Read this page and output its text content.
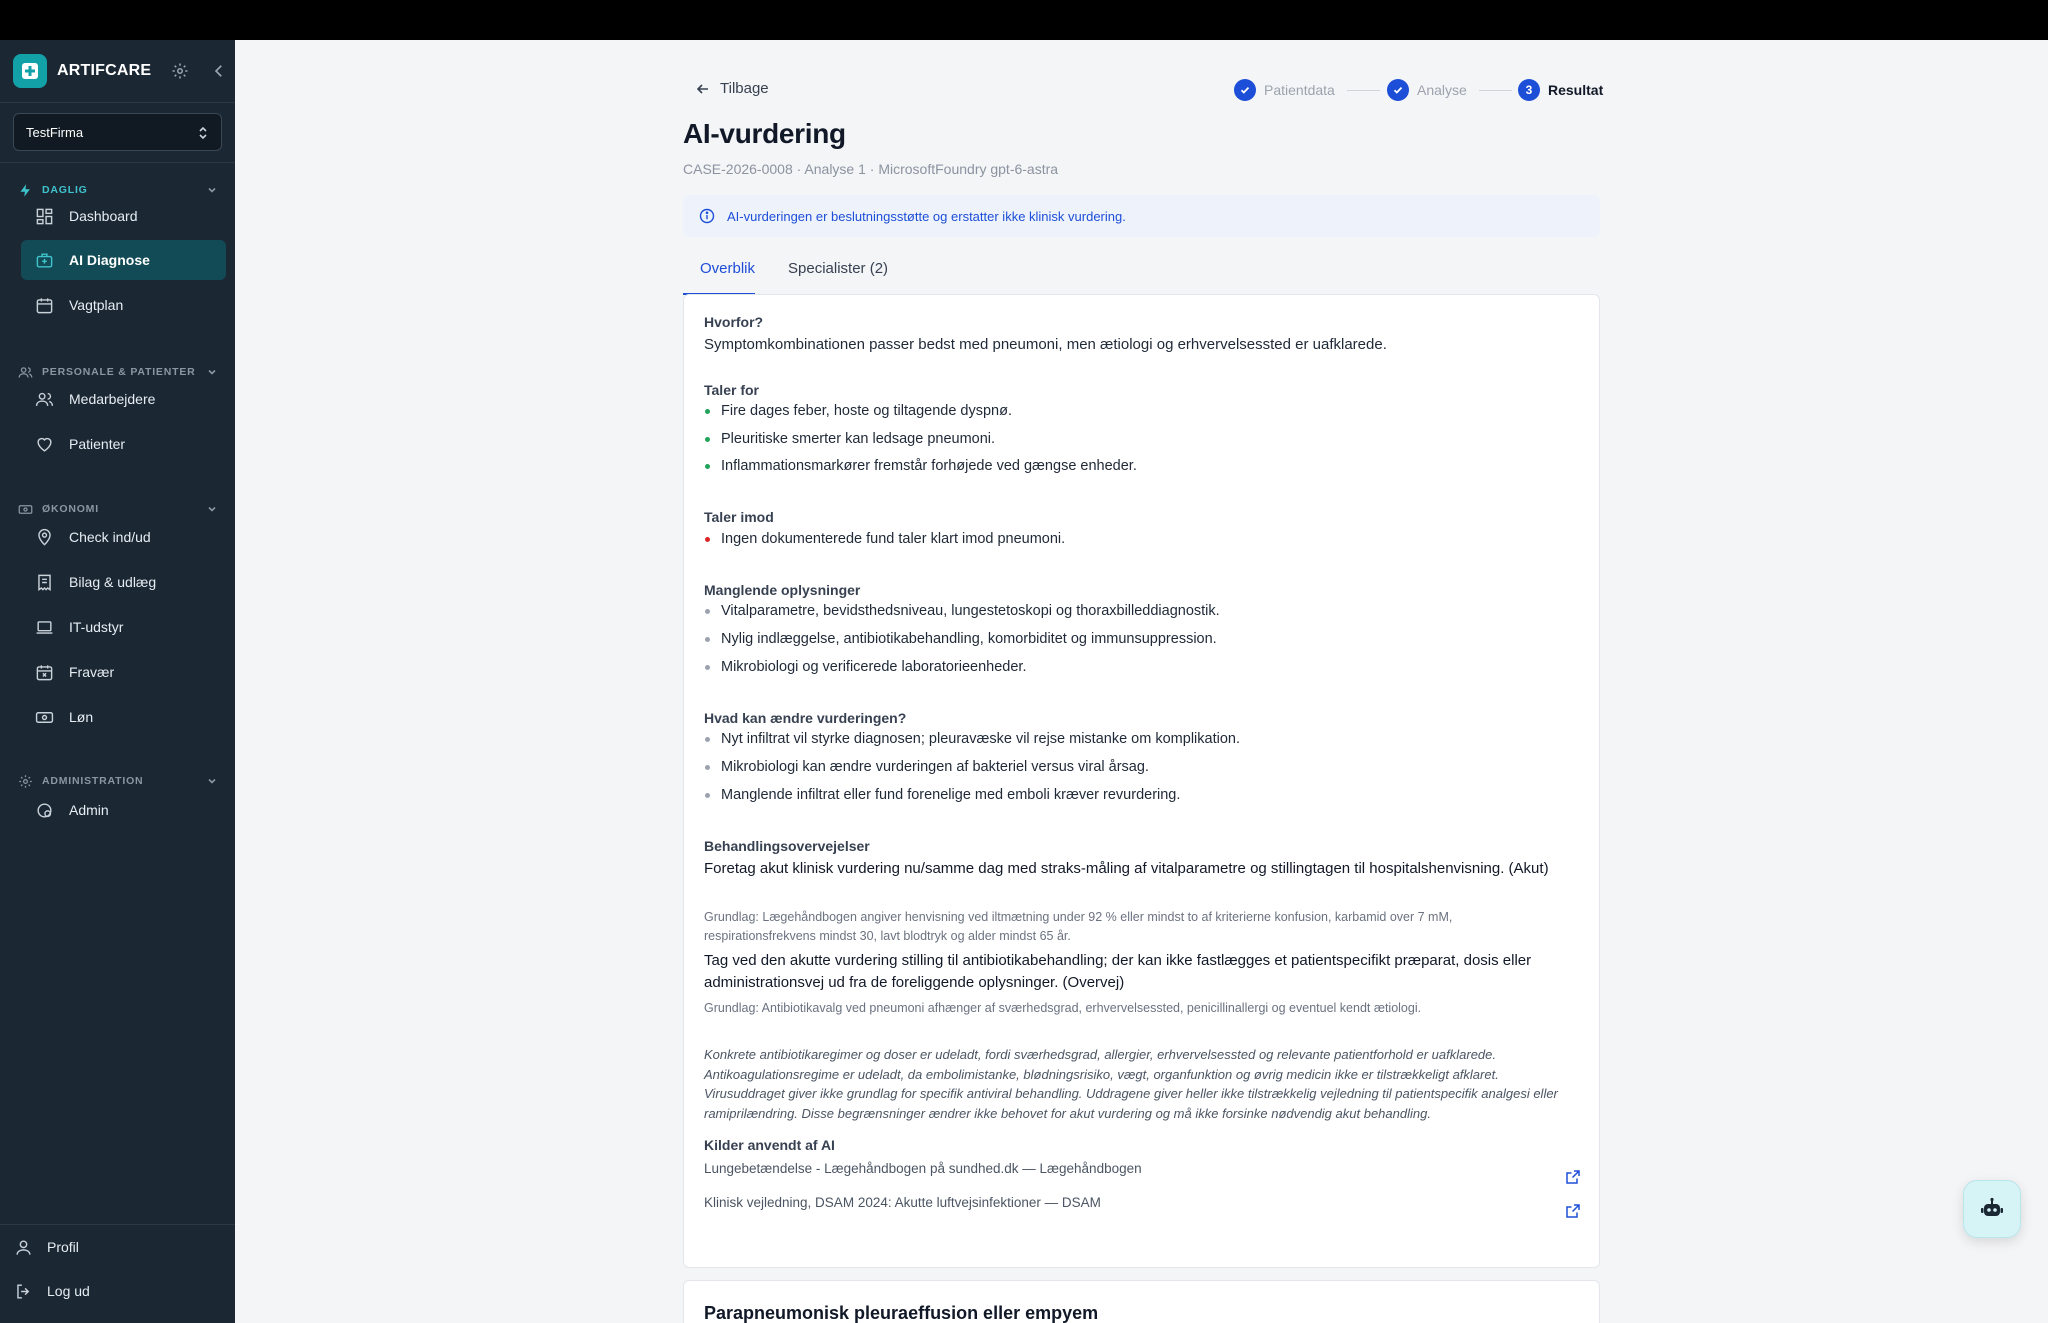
ARTIFCARE
TestFirma
DAGLIG
Dashboard
AI Diagnose
Vagtplan
PERSONALE & PATIENTER
Medarbejdere
Patienter
ØKONOMI
Check ind/ud
Bilag & udlæg
IT-udstyr
Fravær
Løn
ADMINISTRATION
Admin
Profil
Log ud
Tilbage	Patientdata	Analyse	3	Resultat
AI-vurdering
CASE-2026-0008 · Analyse 1 · MicrosoftFoundry gpt-6-astra
AI-vurderingen er beslutningsstøtte og erstatter ikke klinisk vurdering.
Overblik Specialister (2)
Hvorfor?
Symptomkombinationen passer bedst med pneumoni, men ætiologi og erhvervelsessted er uafklarede.
Taler for
Fire dages feber, hoste og tiltagende dyspnø.
Pleuritiske smerter kan ledsage pneumoni.
Inflammationsmarkører fremstår forhøjede ved gængse enheder.
Taler imod
Ingen dokumenterede fund taler klart imod pneumoni.
Manglende oplysninger
Vitalparametre, bevidsthedsniveau, lungestetoskopi og thoraxbilleddiagnostik.
Nylig indlæggelse, antibiotikabehandling, komorbiditet og immunsuppression.
Mikrobiologi og verificerede laboratorieenheder.
Hvad kan ændre vurderingen?
Nyt infiltrat vil styrke diagnosen; pleuravæske vil rejse mistanke om komplikation.
Mikrobiologi kan ændre vurderingen af bakteriel versus viral årsag.
Manglende infiltrat eller fund forenelige med emboli kræver revurdering.
Behandlingsovervejelser
Foretag akut klinisk vurdering nu/samme dag med straks-måling af vitalparametre og stillingtagen til hospitalshenvisning. (Akut)
Grundlag: Lægehåndbogen angiver henvisning ved iltmætning under 92 % eller mindst to af kriterierne konfusion, karbamid over 7 mM, respirationsfrekvens mindst 30, lavt blodtryk og alder mindst 65 år.
Tag ved den akutte vurdering stilling til antibiotikabehandling; der kan ikke fastlægges et patientspecifikt præparat, dosis eller administrationsvej ud fra de foreliggende oplysninger. (Overvej)
Grundlag: Antibiotikavalg ved pneumoni afhænger af sværhedsgrad, erhvervelsessted, penicillinallergi og eventuel kendt ætiologi.
Konkrete antibiotikaregimer og doser er udeladt, fordi sværhedsgrad, allergier, erhvervelsessted og relevante patientforhold er uafklarede. Antikoagulationsregime er udeladt, da embolimistanke, blødningsrisiko, vægt, organfunktion og øvrig medicin ikke er tilstrækkeligt afklaret. Virusuddraget giver ikke grundlag for specifik antiviral behandling. Uddragene giver heller ikke tilstrækkelig vejledning til patientspecifik analgesi eller ramiprilændring. Disse begrænsninger ændrer ikke behovet for akut vurdering og må ikke forsinke nødvendig akut behandling.
Kilder anvendt af AI
Lungebetændelse - Lægehåndbogen på sundhed.dk — Lægehåndbogen
Klinisk vejledning, DSAM 2024: Akutte luftvejsinfektioner — DSAM
Parapneumonisk pleuraeffusion eller empyem
